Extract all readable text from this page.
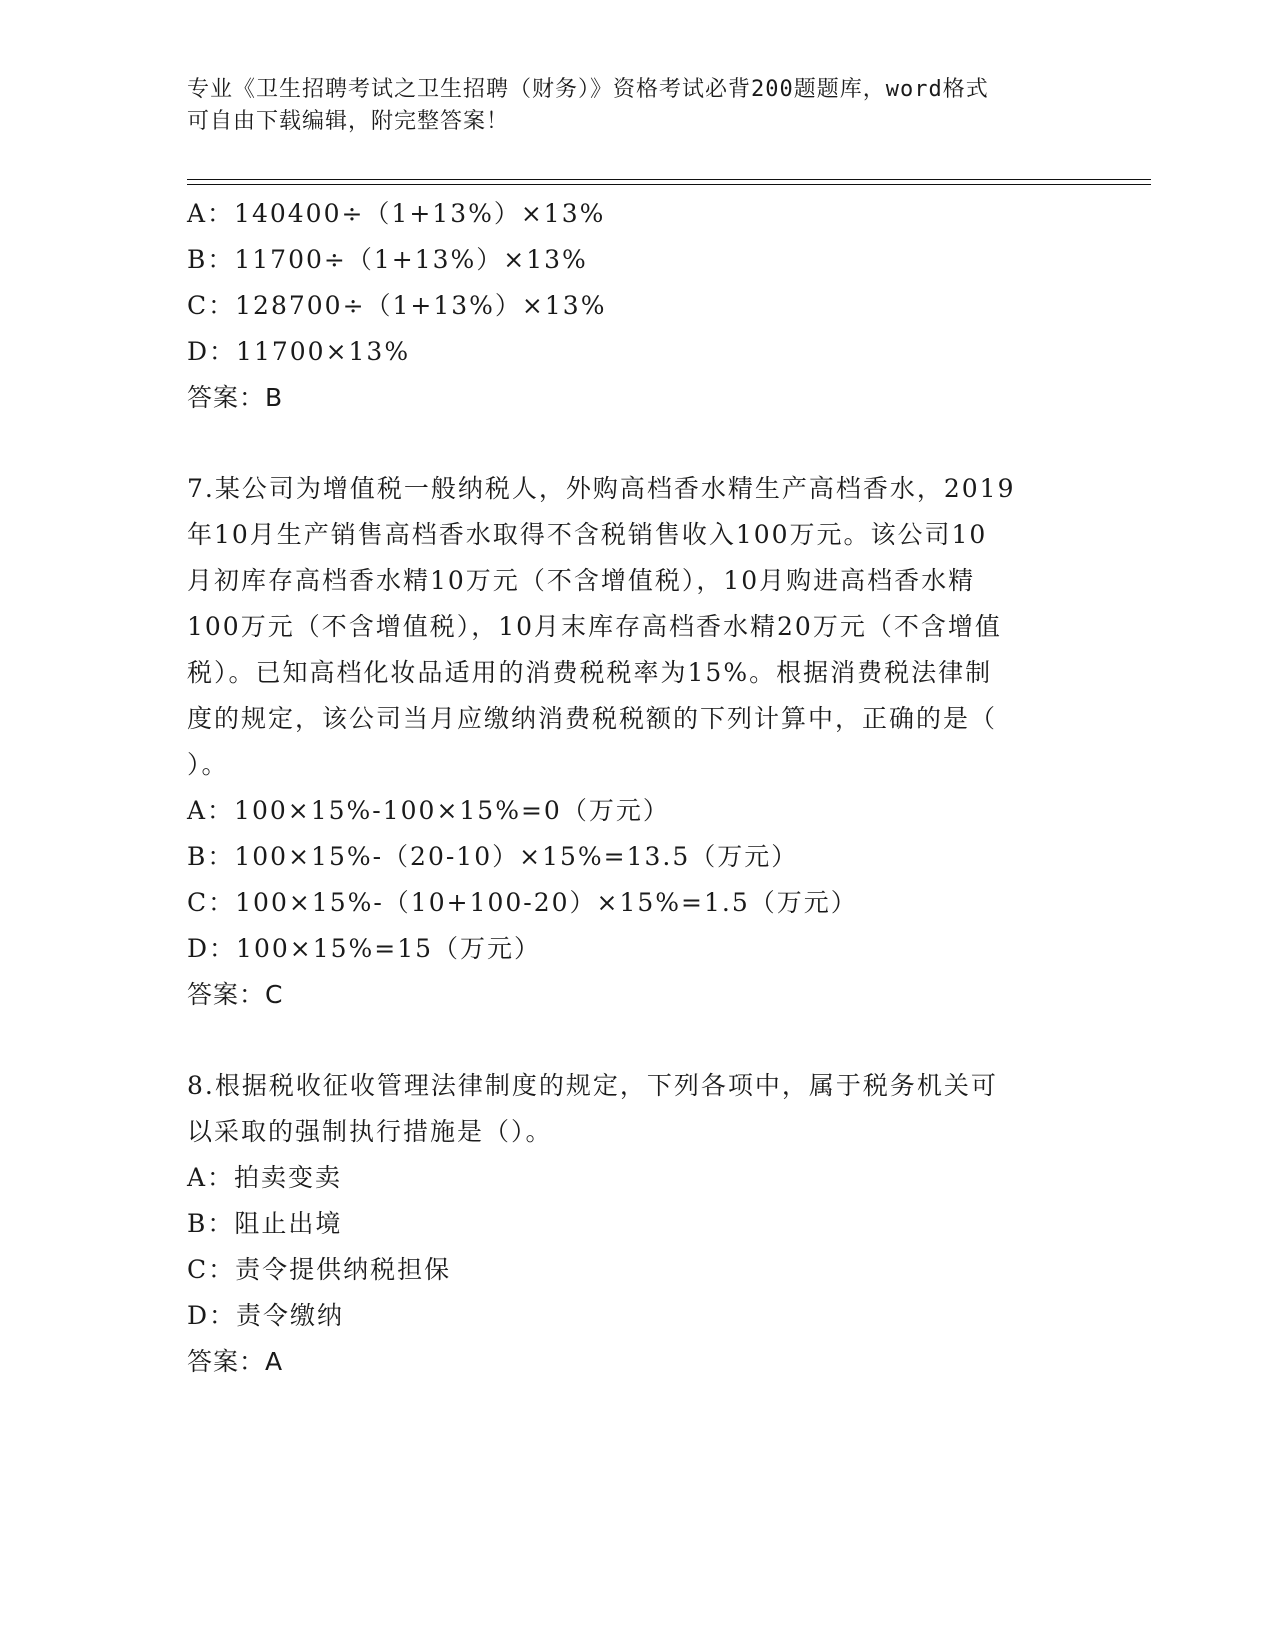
专业《卫生招聘考试之卫生招聘（财务）》资格考试必背200题题库，word格式
可自由下载编辑，附完整答案！
A：140400÷（1+13%）×13%
B：11700÷（1+13%）×13%
C：128700÷（1+13%）×13%
D：11700×13%
答案：B
7.某公司为增值税一般纳税人，外购高档香水精生产高档香水，2019
年10月生产销售高档香水取得不含税销售收入100万元。该公司10
月初库存高档香水精10万元（不含增值税），10月购进高档香水精
100万元（不含增值税），10月末库存高档香水精20万元（不含增值
税）。已知高档化妆品适用的消费税税率为15%。根据消费税法律制
度的规定，该公司当月应缴纳消费税税额的下列计算中，正确的是（
）。
A：100×15%-100×15%=0（万元）
B：100×15%-（20-10）×15%=13.5（万元）
C：100×15%-（10+100-20）×15%=1.5（万元）
D：100×15%=15（万元）
答案：C
8.根据税收征收管理法律制度的规定，下列各项中，属于税务机关可
以采取的强制执行措施是（）。
A：拍卖变卖
B：阻止出境
C：责令提供纳税担保
D：责令缴纳
答案：A
